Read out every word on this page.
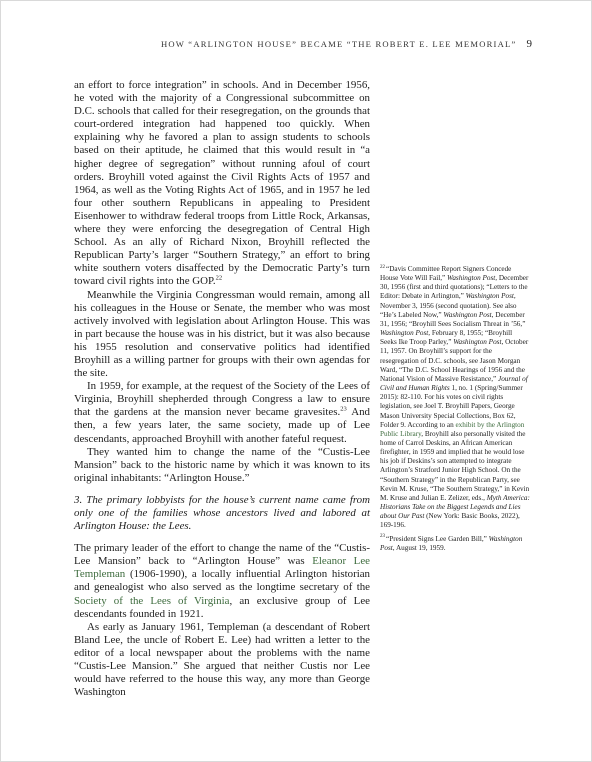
HOW “ARLINGTON HOUSE” BECAME “THE ROBERT E. LEE MEMORIAL” 9

an effort to force integration” in schools. And in December 1956, he voted with the majority of a Congressional subcommittee on D.C. schools that called for their resegregation, on the grounds that court-ordered integration had happened too quickly. When explaining why he favored a plan to assign students to schools based on their aptitude, he claimed that this would result in “a higher degree of segregation” without running afoul of court orders. Broyhill voted against the Civil Rights Acts of 1957 and 1964, as well as the Voting Rights Act of 1965, and in 1957 he led four other southern Republicans in appealing to President Eisenhower to withdraw federal troops from Little Rock, Arkansas, where they were enforcing the desegregation of Central High School. As an ally of Richard Nixon, Broyhill reflected the Republican Party’s larger “Southern Strategy,” an effort to bring white southern voters disaffected by the Democratic Party’s turn toward civil rights into the GOP.$^{22}$

Meanwhile the Virginia Congressman would remain, among all his colleagues in the House or Senate, the member who was most actively involved with legislation about Arlington House. This was in part because the house was in his district, but it was also because his 1955 resolution and conservative politics had identified Broyhill as a willing partner for groups with their own agendas for the site.

In 1959, for example, at the request of the Society of the Lees of Virginia, Broyhill shepherded through Congress a law to ensure that the gardens at the mansion never became gravesites.$^{23}$ And then, a few years later, the same society, made up of Lee descendants, approached Broyhill with another fateful request.

They wanted him to change the name of the “Custis-Lee Mansion” back to the historic name by which it was known to its original inhabitants: “Arlington House.”

3. The primary lobbyists for the house’s current name came from only one of the families whose ancestors lived and labored at Arlington House: the Lees.

The primary leader of the effort to change the name of the “Custis-Lee Mansion” back to “Arlington House” was Eleanor Lee Templeman (1906-1990), a locally influential Arlington historian and genealogist who also served as the longtime secretary of the Society of the Lees of Virginia, an exclusive group of Lee descendants founded in 1921.

As early as January 1961, Templeman (a descendant of Robert Bland Lee, the uncle of Robert E. Lee) had written a letter to the editor of a local newspaper about the problems with the name “Custis-Lee Mansion.” She argued that neither Custis nor Lee would have referred to the house this way, any more than George Washington

$^{22}$“Davis Committee Report Signers Concede House Vote Will Fail,” Washington Post, December 30, 1956 (first and third quotations); “Letters to the Editor: Debate in Arlington,” Washington Post, November 3, 1956 (second quotation). See also “He’s Labeled Now,” Washington Post, December 31, 1956; “Broyhill Sees Socialism Threat in ’56,” Washington Post, February 8, 1955; “Broyhill Seeks Ike Troop Parley,” Washington Post, October 11, 1957. On Broyhill’s support for the resegregation of D.C. schools, see Jason Morgan Ward, “The D.C. School Hearings of 1956 and the National Vision of Massive Resistance,” Journal of Civil and Human Rights 1, no. 1 (Spring/Summer 2015): 82-110. For his votes on civil rights legislation, see Joel T. Broyhill Papers, George Mason University Special Collections, Box 62, Folder 9. According to an exhibit by the Arlington Public Library, Broyhill also personally visited the home of Carrol Deskins, an African American firefighter, in 1959 and implied that he would lose his job if Deskins’s son attempted to integrate Arlington’s Stratford Junior High School. On the “Southern Strategy” in the Republican Party, see Kevin M. Kruse, “The Southern Strategy,” in Kevin M. Kruse and Julian E. Zelizer, eds., Myth America: Historians Take on the Biggest Legends and Lies about Our Past (New York: Basic Books, 2022), 169-196.

$^{23}$“President Signs Lee Garden Bill,” Washington Post, August 19, 1959.
